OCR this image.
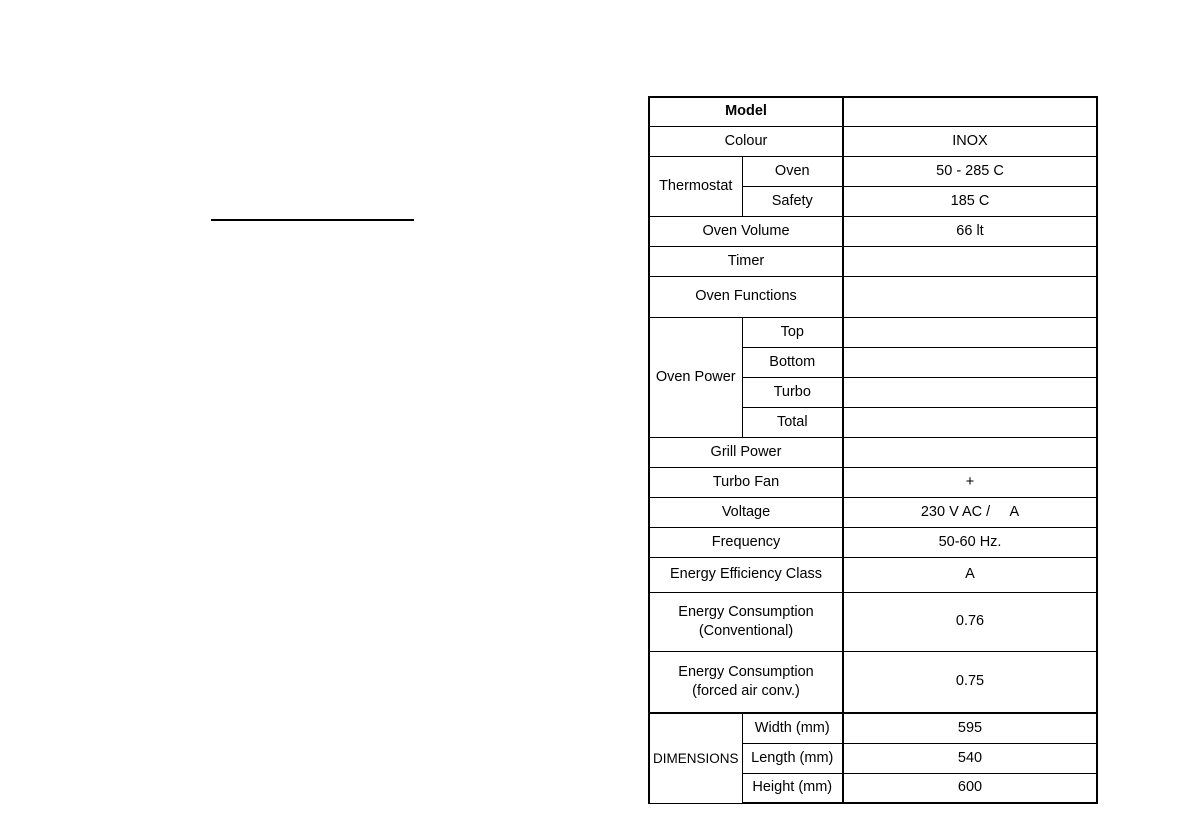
Model		
Colour		INOX
Thermostat	Oven	50 - 285 C
	Safety	185 C
Oven Volume		66 lt
Timer		
Oven Functions		
Oven Power	Top	
	Bottom	
	Turbo	
	Total	
Grill Power		
Turbo Fan		+
Voltage		230 V AC /     A
Frequency		50-60 Hz.
Energy Efficiency Class		A

Energy Consumption
(Conventional)		0.76

Energy Consumption
(forced air conv.)		0.75
DIMENSIONS	Width (mm)	595
	Length (mm)	540
	Height (mm)	600
